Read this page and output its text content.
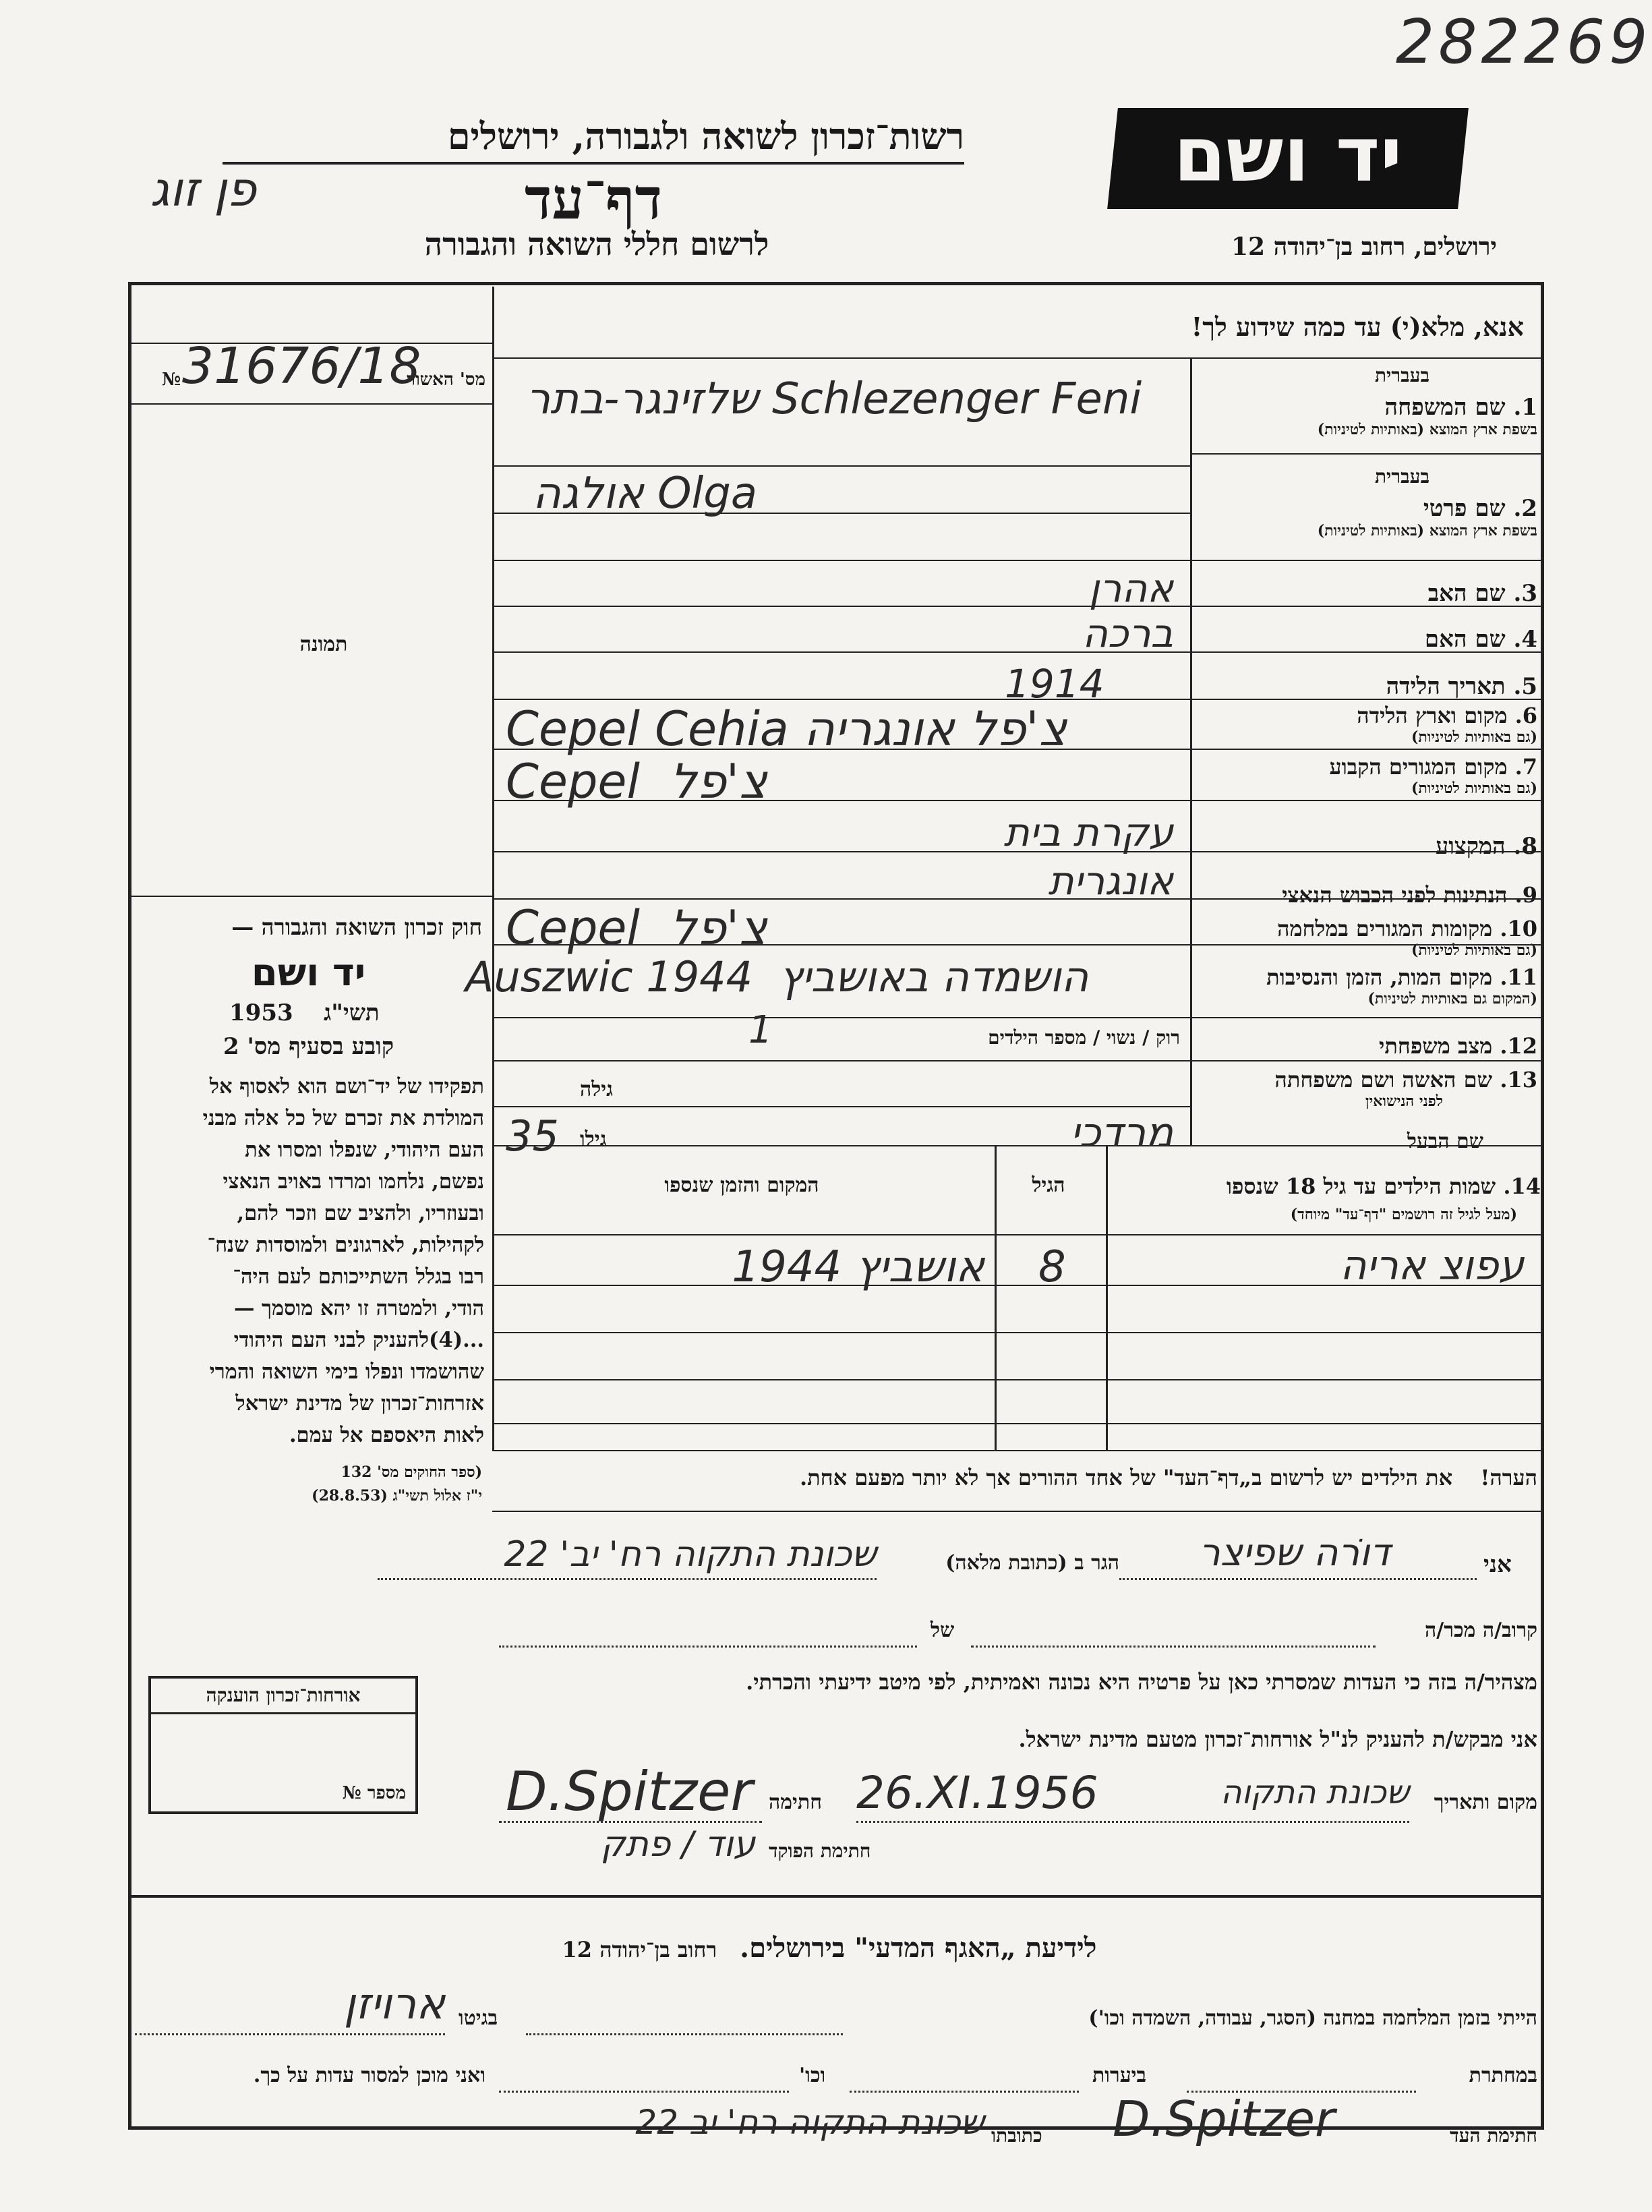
282269
יד ושם
ירושלים, רחוב בן־יהודה 12
רשות־זכרון לשואה ולגבורה, ירושלים
דף־עד
לרשום חללי השואה והגבורה
פן זוג
אנא, מלא(י) עד כמה שידוע לך!
מס' האשור
№ 31676/18
תמונה
חוק זכרון השואה והגבורה —
יד ושם
תשי"ג
1953
קובע בסעיף מס' 2
תפקידו של יד־ושם הוא לאסוף אל
המולדת את זכרם של כל אלה מבני
העם היהודי, שנפלו ומסרו את
נפשם, נלחמו ומרדו באויב הנאצי
ובעוזריו, ולהציב שם וזכר להם,
לקהילות, לארגונים ולמוסדות שנח־
רבו בגלל השתייכותם לעם היה־
הודי, ולמטרה זו יהא מוסמך —
...(4)להעניק לבני העם היהודי
שהושמדו ונפלו בימי השואה והמרי
אזרחות־זכרון של מדינת ישראל
לאות היאספם אל עמם.
(ספר החוקים מס' 132
י"ז אלול תשי"ג (28.8.53)
בעברית
1. שם המשפחה
בשפת ארץ המוצא (באותיות לטיניות)
בעברית
2. שם פרטי
בשפת ארץ המוצא (באותיות לטיניות)
3. שם האב
4. שם האם
5. תאריך הלידה
6. מקום וארץ הלידה
(גם באותיות לטיניות)
7. מקום המגורים הקבוע
(גם באותיות לטיניות)
8. המקצוע
9. הנתינות לפני הכבוש הנאצי
10. מקומות המגורים במלחמה
(גם באותיות לטיניות)
11. מקום המות, הזמן והנסיבות
(המקום גם באותיות לטיניות)
12. מצב משפחתי
13. שם האשה ושם משפחתה
לפני הנישואין
שם הבעל
שלזינגר-בתר Schlezenger Feni
אולגה Olga
אהרן
ברכה
1914
Cepel Cehia צ'פל אונגריה
Cepel  צ'פל
עקרת בית
אונגרית
Cepel  צ'פל
Auszwic 1944  הושמדה באושביץ
רוק / נשוי / מספר הילדים
1
גילה
גילו	מרדכי
35
14. שמות הילדים עד גיל 18 שנספו
(מעל לגיל זה רושמים "דף־עד" מיוחד)
הגיל
המקום והזמן שנספו
עפוצ אריה
8
אושביץ 1944
הערה! את הילדים יש לרשום ב„דף־העד" של אחד ההורים אך לא יותר מפעם אחת.
אני
דוֹרה שפיצר
הגר ב (כתובת מלאה)
שכונת התקוה רח' יב' 22
קרוב/ה מכר/ה
של
מצהיר/ה בזה כי העדות שמסרתי כאן על פרטיה היא נכונה ואמיתית, לפי מיטב ידיעתי והכרתי.
אני מבקש/ת להעניק לנ"ל אורחות־זכרון מטעם מדינת ישראל.
מקום ותאריך
שכונת התקוה
26.XI.1956
חתימה
D.Spitzer
חתימת הפוקד
עוד / פתק
אורחות־זכרון הוענקה
מספר №
לידיעת „האגף המדעי" בירושלים. רחוב בן־יהודה 12
הייתי בזמן המלחמה במחנה (הסגר, עבודה, השמדה וכו')
ארויזן בגיטו
במחתרת
ביערות
וכו'
ואני מוכן למסור עדות על כך.
חתימת העד
D.Spitzer
כתובתו
שכונת התקוה רח' יב 22
